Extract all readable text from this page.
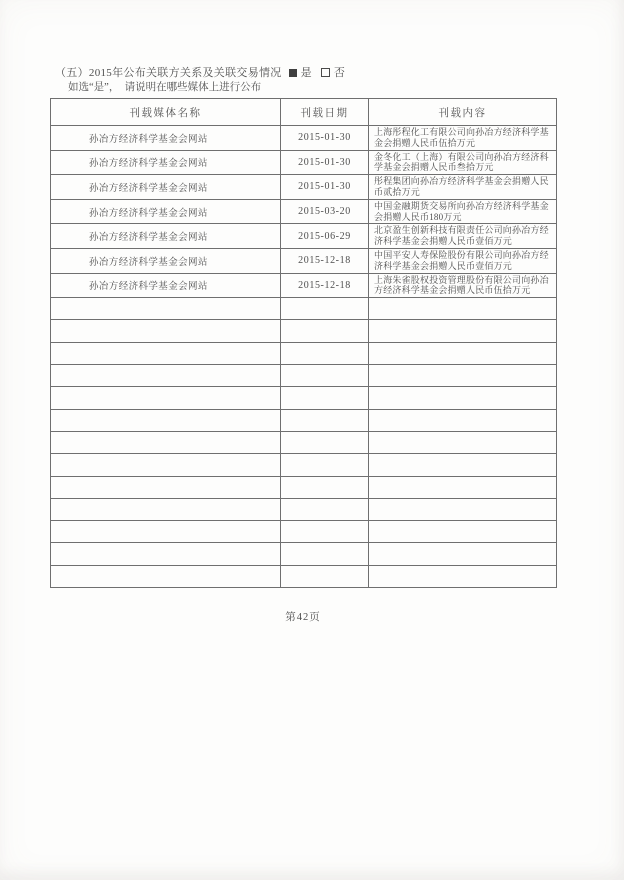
（五）2015年公布关联方关系及关联交易情况 是 否
如选“是”，　请说明在哪些媒体上进行公布
刊载媒体名称	刊载日期	刊载内容
孙冶方经济科学基金会网站	2015-01-30	上海彤程化工有限公司向孙冶方经济科学基金会捐赠人民币伍拾万元
孙冶方经济科学基金会网站	2015-01-30	金冬化工（上海）有限公司向孙冶方经济科学基金会捐赠人民币叁拾万元
孙冶方经济科学基金会网站	2015-01-30	彤程集团向孙冶方经济科学基金会捐赠人民币贰拾万元
孙冶方经济科学基金会网站	2015-03-20	中国金融期货交易所向孙冶方经济科学基金会捐赠人民币180万元
孙冶方经济科学基金会网站	2015-06-29	北京盈生创新科技有限责任公司向孙冶方经济科学基金会捐赠人民币壹佰万元
孙冶方经济科学基金会网站	2015-12-18	中国平安人寿保险股份有限公司向孙冶方经济科学基金会捐赠人民币壹佰万元
孙冶方经济科学基金会网站	2015-12-18	上海朱雀股权投资管理股份有限公司向孙冶方经济科学基金会捐赠人民币伍拾万元

第42页
